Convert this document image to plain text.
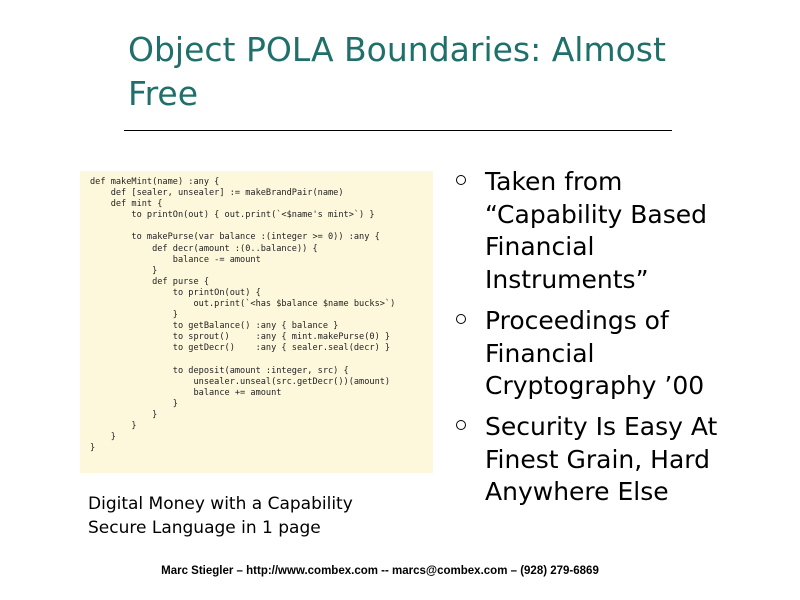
Object POLA Boundaries: Almost
Free
def makeMint(name) :any {
def [sealer, unsealer] := makeBrandPair(name)
def mint {
to printOn(out) { out.print(`<$name's mint>`) }

to makePurse(var balance :(integer >= 0)) :any {
def decr(amount :(0..balance)) {
balance -= amount
}
def purse {
to printOn(out) {
out.print(`<has $balance $name bucks>`)
}
to getBalance() :any { balance }
to sprout()     :any { mint.makePurse(0) }
to getDecr()    :any { sealer.seal(decr) }

to deposit(amount :integer, src) {
unsealer.unseal(src.getDecr())(amount)
balance += amount
}
}
}
}
}
Digital Money with a Capability
Secure Language in 1 page
Taken from
“Capability Based
Financial
Instruments”
Proceedings of
Financial
Cryptography ’00
Security Is Easy At
Finest Grain, Hard
Anywhere Else
Marc Stiegler – http://www.combex.com -- marcs@combex.com – (928) 279-6869
